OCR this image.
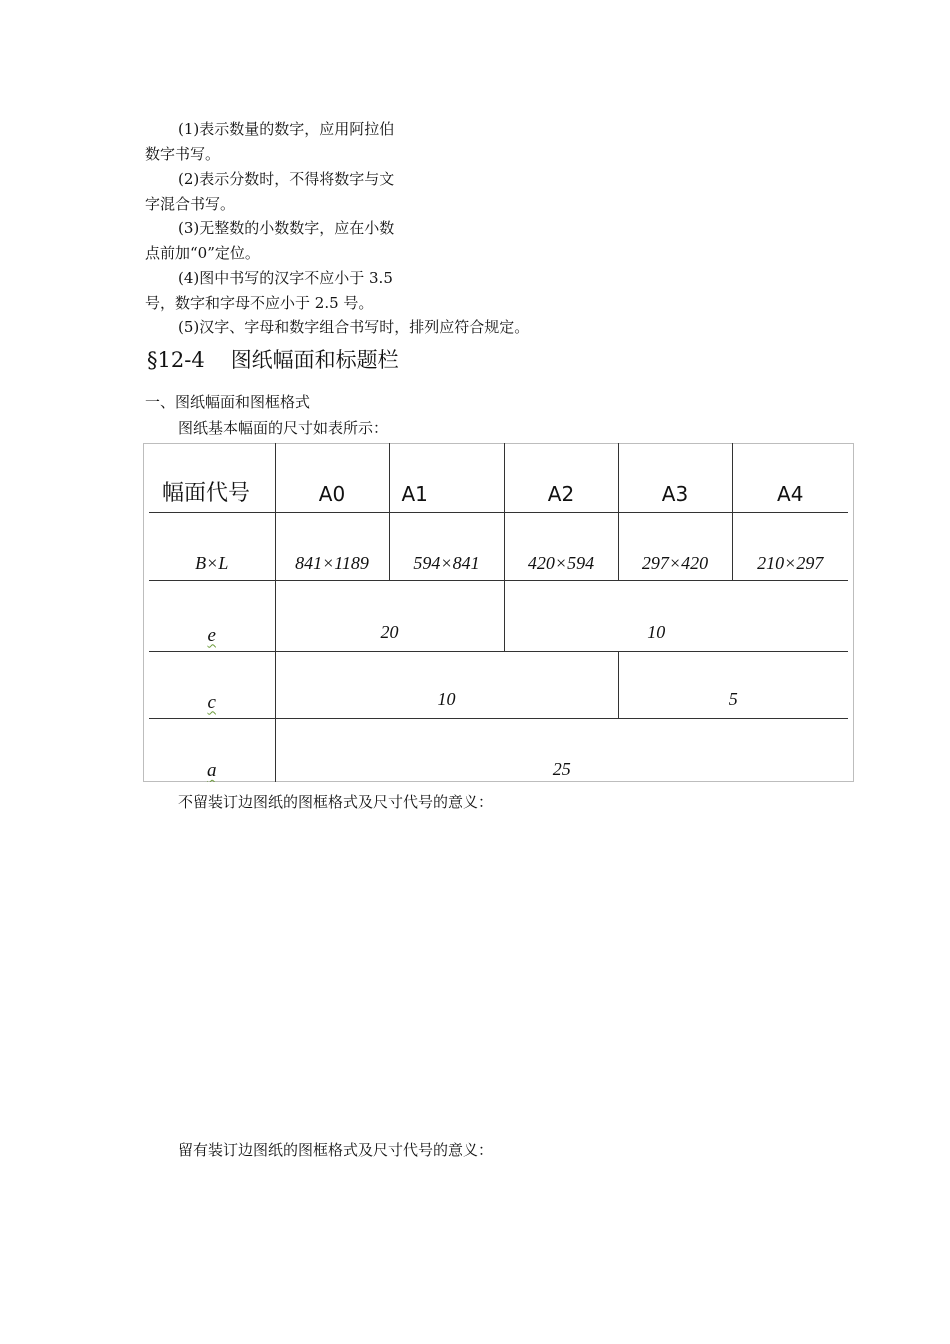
(1)表示数量的数字，应用阿拉伯
数字书写。
(2)表示分数时，不得将数字与文
字混合书写。
(3)无整数的小数数字，应在小数
点前加“0”定位。
(4)图中书写的汉字不应小于 3.5
号，数字和字母不应小于 2.5 号。
(5)汉字、字母和数字组合书写时，排列应符合规定。
§12-4 图纸幅面和标题栏
一、图纸幅面和图框格式
图纸基本幅面的尺寸如表所示：
幅面代号	A0	A1	A2	A3	A4
B×L	841×1189	594×841	420×594	297×420	210×297
e	20		10		
c	10			5	
a	25				
不留装订边图纸的图框格式及尺寸代号的意义：
留有装订边图纸的图框格式及尺寸代号的意义：
